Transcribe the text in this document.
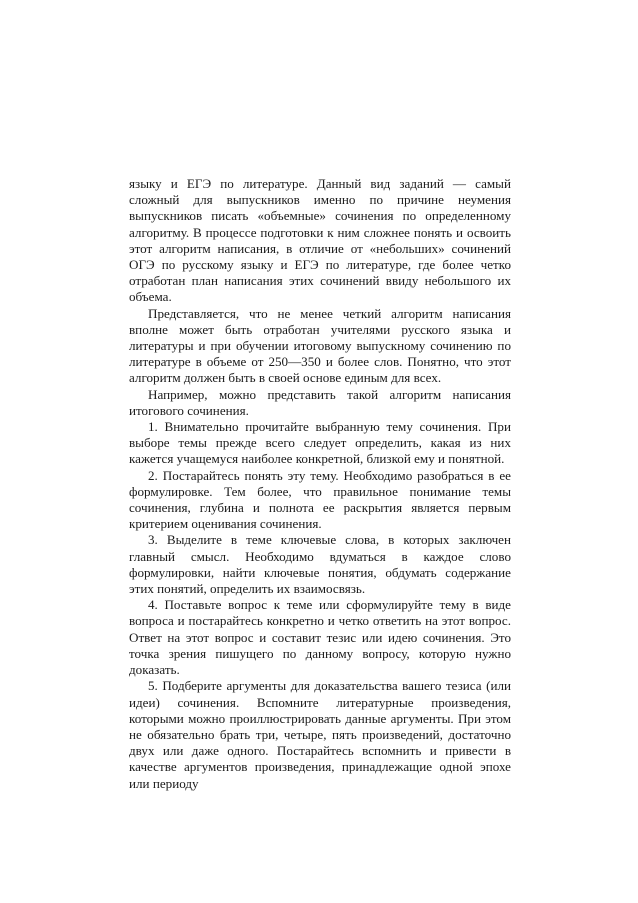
языку и ЕГЭ по литературе. Данный вид заданий — самый сложный для выпускников именно по причине неумения выпускников писать «объемные» сочинения по определенному алгоритму. В процессе подготовки к ним сложнее понять и освоить этот алгоритм написания, в отличие от «небольших» сочинений ОГЭ по русскому языку и ЕГЭ по литературе, где более четко отработан план написания этих сочинений ввиду небольшого их объема.

Представляется, что не менее четкий алгоритм написания вполне может быть отработан учителями русского языка и литературы и при обучении итоговому выпускному сочинению по литературе в объеме от 250—350 и более слов. Понятно, что этот алгоритм должен быть в своей основе единым для всех.

Например, можно представить такой алгоритм написания итогового сочинения.

1. Внимательно прочитайте выбранную тему сочинения. При выборе темы прежде всего следует определить, какая из них кажется учащемуся наиболее конкретной, близкой ему и понятной.

2. Постарайтесь понять эту тему. Необходимо разобраться в ее формулировке. Тем более, что правильное понимание темы сочинения, глубина и полнота ее раскрытия является первым критерием оценивания сочинения.

3. Выделите в теме ключевые слова, в которых заключен главный смысл. Необходимо вдуматься в каждое слово формулировки, найти ключевые понятия, обдумать содержание этих понятий, определить их взаимосвязь.

4. Поставьте вопрос к теме или сформулируйте тему в виде вопроса и постарайтесь конкретно и четко ответить на этот вопрос. Ответ на этот вопрос и составит тезис или идею сочинения. Это точка зрения пишущего по данному вопросу, которую нужно доказать.

5. Подберите аргументы для доказательства вашего тезиса (или идеи) сочинения. Вспомните литературные произведения, которыми можно проиллюстрировать данные аргументы. При этом не обязательно брать три, четыре, пять произведений, достаточно двух или даже одного. Постарайтесь вспомнить и привести в качестве аргументов произведения, принадлежащие одной эпохе или периоду
